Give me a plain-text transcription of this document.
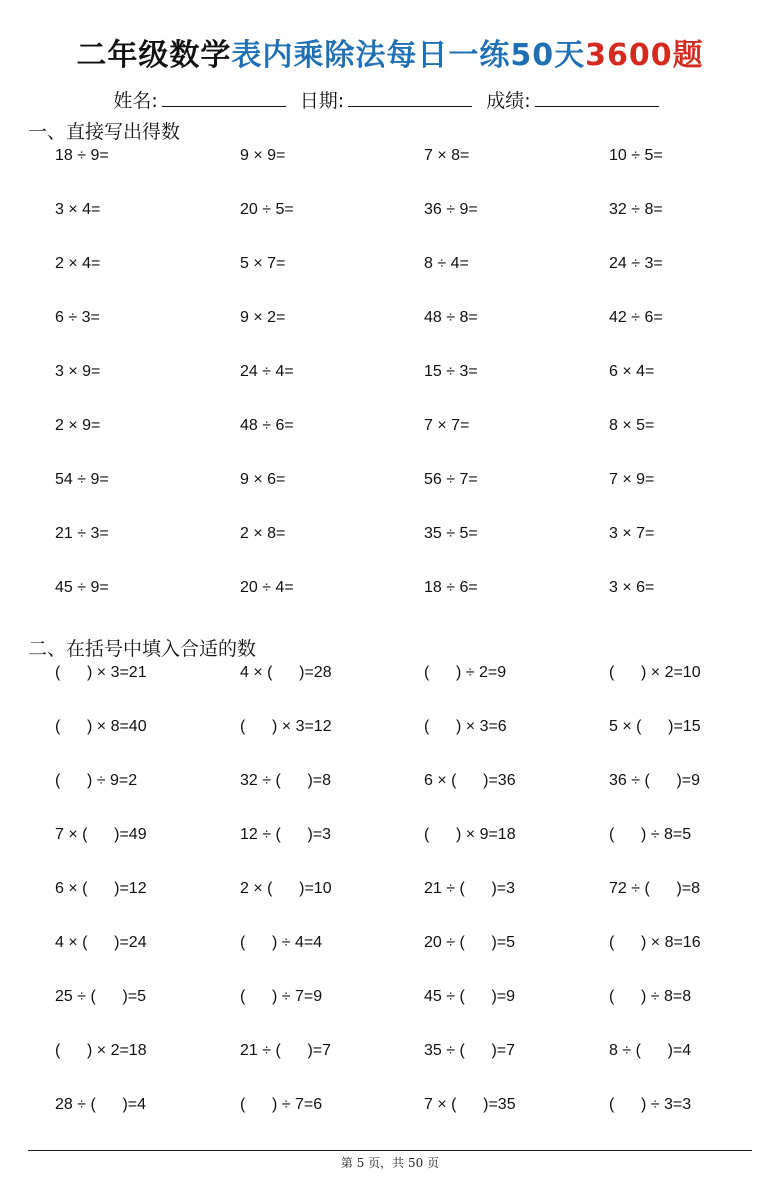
二年级数学表内乘除法每日一练50天3600题
姓名:	日期:	成绩:
一、直接写出得数
18 ÷ 9=	9 × 9=	7 × 8=	10 ÷ 5=
3 × 4=	20 ÷ 5=	36 ÷ 9=	32 ÷ 8=
2 × 4=	5 × 7=	8 ÷ 4=	24 ÷ 3=
6 ÷ 3=	9 × 2=	48 ÷ 8=	42 ÷ 6=
3 × 9=	24 ÷ 4=	15 ÷ 3=	6 × 4=
2 × 9=	48 ÷ 6=	7 × 7=	8 × 5=
54 ÷ 9=	9 × 6=	56 ÷ 7=	7 × 9=
21 ÷ 3=	2 × 8=	35 ÷ 5=	3 × 7=
45 ÷ 9=	20 ÷ 4=	18 ÷ 6=	3 × 6=
二、在括号中填入合适的数
(      ) × 3=21	4 × (      )=28	(      ) ÷ 2=9	(      ) × 2=10
(      ) × 8=40	(      ) × 3=12	(      ) × 3=6	5 × (      )=15
(      ) ÷ 9=2	32 ÷ (      )=8	6 × (      )=36	36 ÷ (      )=9
7 × (      )=49	12 ÷ (      )=3	(      ) × 9=18	(      ) ÷ 8=5
6 × (      )=12	2 × (      )=10	21 ÷ (      )=3	72 ÷ (      )=8
4 × (      )=24	(      ) ÷ 4=4	20 ÷ (      )=5	(      ) × 8=16
25 ÷ (      )=5	(      ) ÷ 7=9	45 ÷ (      )=9	(      ) ÷ 8=8
(      ) × 2=18	21 ÷ (      )=7	35 ÷ (      )=7	8 ÷ (      )=4
28 ÷ (      )=4	(      ) ÷ 7=6	7 × (      )=35	(      ) ÷ 3=3
第 5 页，共 50 页
